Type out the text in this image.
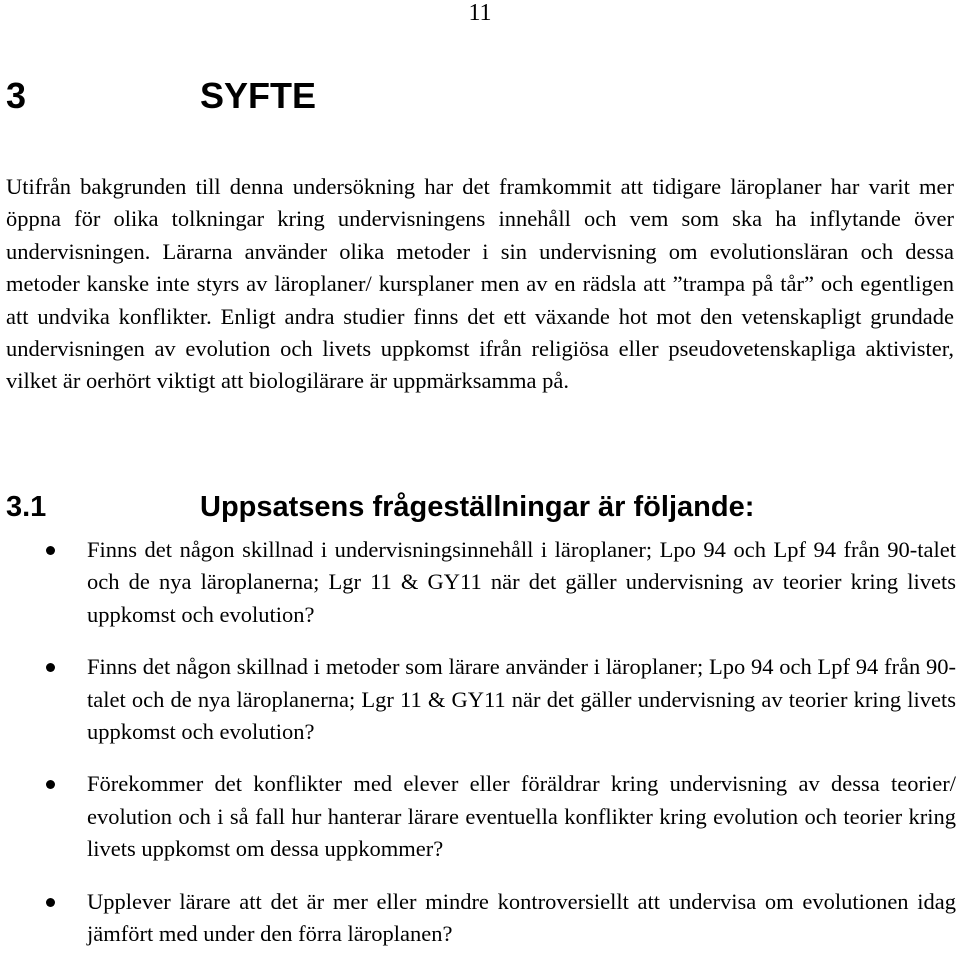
11
3	SYFTE

Utifrån bakgrunden till denna undersökning har det framkommit att tidigare läroplaner har varit mer öppna för olika tolkningar kring undervisningens innehåll och vem som ska ha inflytande över undervisningen. Lärarna använder olika metoder i sin undervisning om evolutionsläran och dessa metoder kanske inte styrs av läroplaner/ kursplaner men av en rädsla att ”trampa på tår” och egentligen att undvika konflikter. Enligt andra studier finns det ett växande hot mot den vetenskapligt grundade undervisningen av evolution och livets uppkomst ifrån religiösa eller pseudovetenskapliga aktivister, vilket är oerhört viktigt att biologilärare är uppmärksamma på.

3.1	Uppsatsens frågeställningar är följande:
Finns det någon skillnad i undervisningsinnehåll i läroplaner; Lpo 94 och Lpf 94 från 90-talet och de nya läroplanerna; Lgr 11 & GY11 när det gäller undervisning av teorier kring livets uppkomst och evolution?
Finns det någon skillnad i metoder som lärare använder i läroplaner; Lpo 94 och Lpf 94 från 90-talet och de nya läroplanerna; Lgr 11 & GY11 när det gäller undervisning av teorier kring livets uppkomst och evolution?
Förekommer det konflikter med elever eller föräldrar kring undervisning av dessa teorier/ evolution och i så fall hur hanterar lärare eventuella konflikter kring evolution och teorier kring livets uppkomst om dessa uppkommer?
Upplever lärare att det är mer eller mindre kontroversiellt att undervisa om evolutionen idag jämfört med under den förra läroplanen?
